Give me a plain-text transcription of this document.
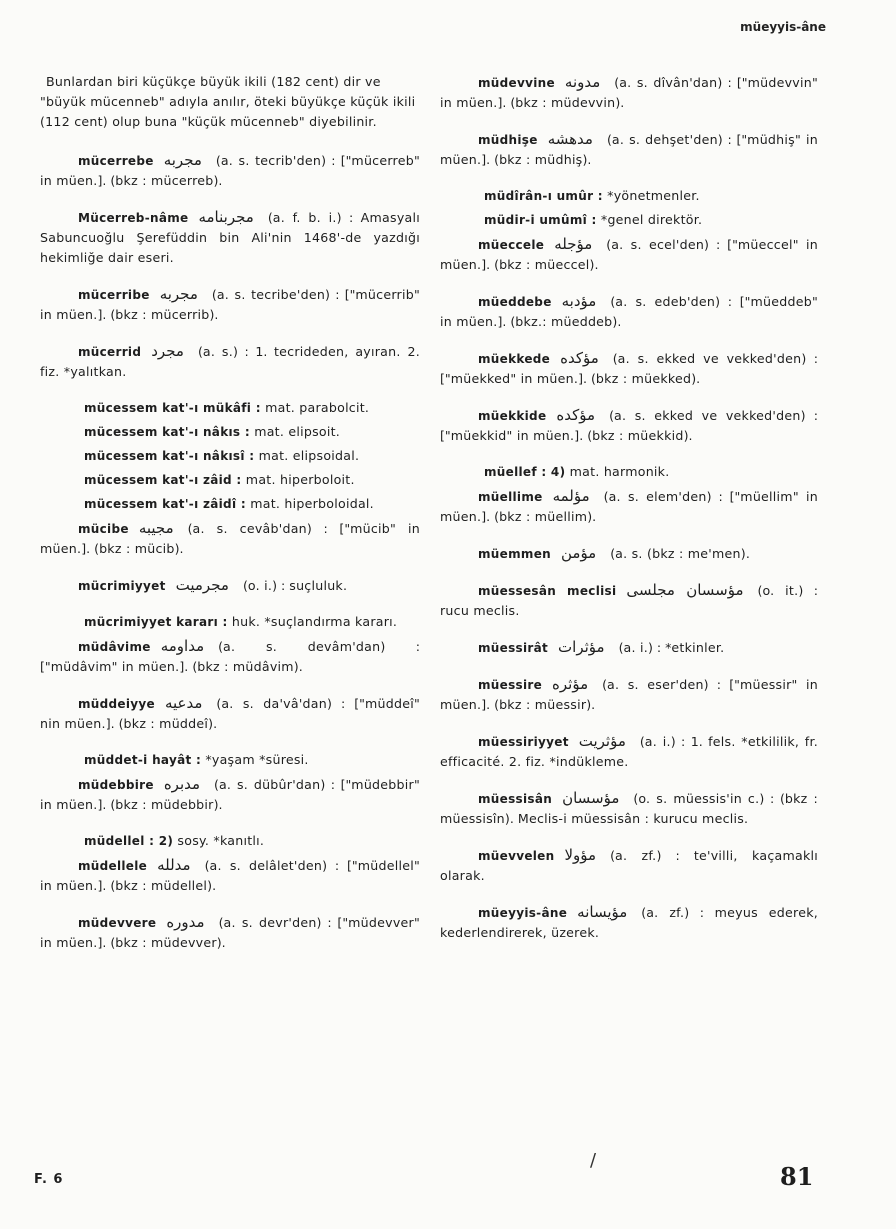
müeyyis-âne

Bunlardan biri küçükçe büyük ikili (182 cent) dir ve "büyük mücenneb" adıyla anılır, öteki büyükçe küçük ikili (112 cent) olup buna "küçük mücenneb" diyebilinir.

mücerrebe مجربه (a. s. tecrib'den) : ["mücerreb" in müen.]. (bkz : mücerreb).

Mücerreb-nâme مجربنامه (a. f. b. i.) : Amasyalı Sabuncuoğlu Şerefüddin bin Ali'nin 1468'-de yazdığı hekimliğe dair eseri.

mücerribe مجربه (a. s. tecribe'den) : ["mücerrib" in müen.]. (bkz : mücerrib).

mücerrid مجرد (a. s.) : 1. tecrideden, ayıran. 2. fiz. *yalıtkan.

mücessem kat'-ı mükâfi : mat. parabolcit.

mücessem kat'-ı nâkıs : mat. elipsoit.

mücessem kat'-ı nâkısî : mat. elipsoidal.

mücessem kat'-ı zâid : mat. hiperboloit.

mücessem kat'-ı zâidî : mat. hiperboloidal.

mücibe مجيبه (a. s. cevâb'dan) : ["mücib" in müen.]. (bkz : mücib).

mücrimiyyet مجرميت (o. i.) : suçluluk.

mücrimiyyet kararı : huk. *suçlandırma kararı.

müdâvime مداومه (a. s. devâm'dan) : ["müdâvim" in müen.]. (bkz : müdâvim).

müddeiyye مدعيه (a. s. da'vâ'dan) : ["müddeî" nin müen.]. (bkz : müddeî).

müddet-i hayât : *yaşam *süresi.

müdebbire مدبره (a. s. dübûr'dan) : ["müdebbir" in müen.]. (bkz : müdebbir).

müdellel : 2) sosy. *kanıtlı.

müdellele مدلله (a. s. delâlet'den) : ["müdellel" in müen.]. (bkz : müdellel).

müdevvere مدوره (a. s. devr'den) : ["müdevver" in müen.]. (bkz : müdevver).

müdevvine مدونه (a. s. dîvân'dan) : ["müdevvin" in müen.]. (bkz : müdevvin).

müdhişe مدهشه (a. s. dehşet'den) : ["müdhiş" in müen.]. (bkz : müdhiş).

müdîrân-ı umûr : *yönetmenler.

müdir-i umûmî : *genel direktör.

müeccele مؤجله (a. s. ecel'den) : ["müeccel" in müen.]. (bkz : müeccel).

müeddebe مؤدبه (a. s. edeb'den) : ["müeddeb" in müen.]. (bkz.: müeddeb).

müekkede مؤكده (a. s. ekked ve vekked'den) : ["müekked" in müen.]. (bkz : müekked).

müekkide مؤكده (a. s. ekked ve vekked'den) : ["müekkid" in müen.]. (bkz : müekkid).

müellef : 4) mat. harmonik.

müellime مؤلمه (a. s. elem'den) : ["müellim" in müen.]. (bkz : müellim).

müemmen مؤمن (a. s. (bkz : me'men).

müessesân meclisi مؤسسان مجلسى (o. it.) : rucu meclis.

müessirât مؤثرات (a. i.) : *etkinler.

müessire مؤثره (a. s. eser'den) : ["müessir" in müen.]. (bkz : müessir).

müessiriyyet مؤثريت (a. i.) : 1. fels. *etkililik, fr. efficacité. 2. fiz. *indükleme.

müessisân مؤسسان (o. s. müessis'in c.) : (bkz : müessisîn). Meclis-i müessisân : kurucu meclis.

müevvelen مؤولا (a. zf.) : te'villi, kaçamaklı olarak.

müeyyis-âne مؤيسانه (a. zf.) : meyus ederek, kederlendirerek, üzerek.

F. 6	81
/
